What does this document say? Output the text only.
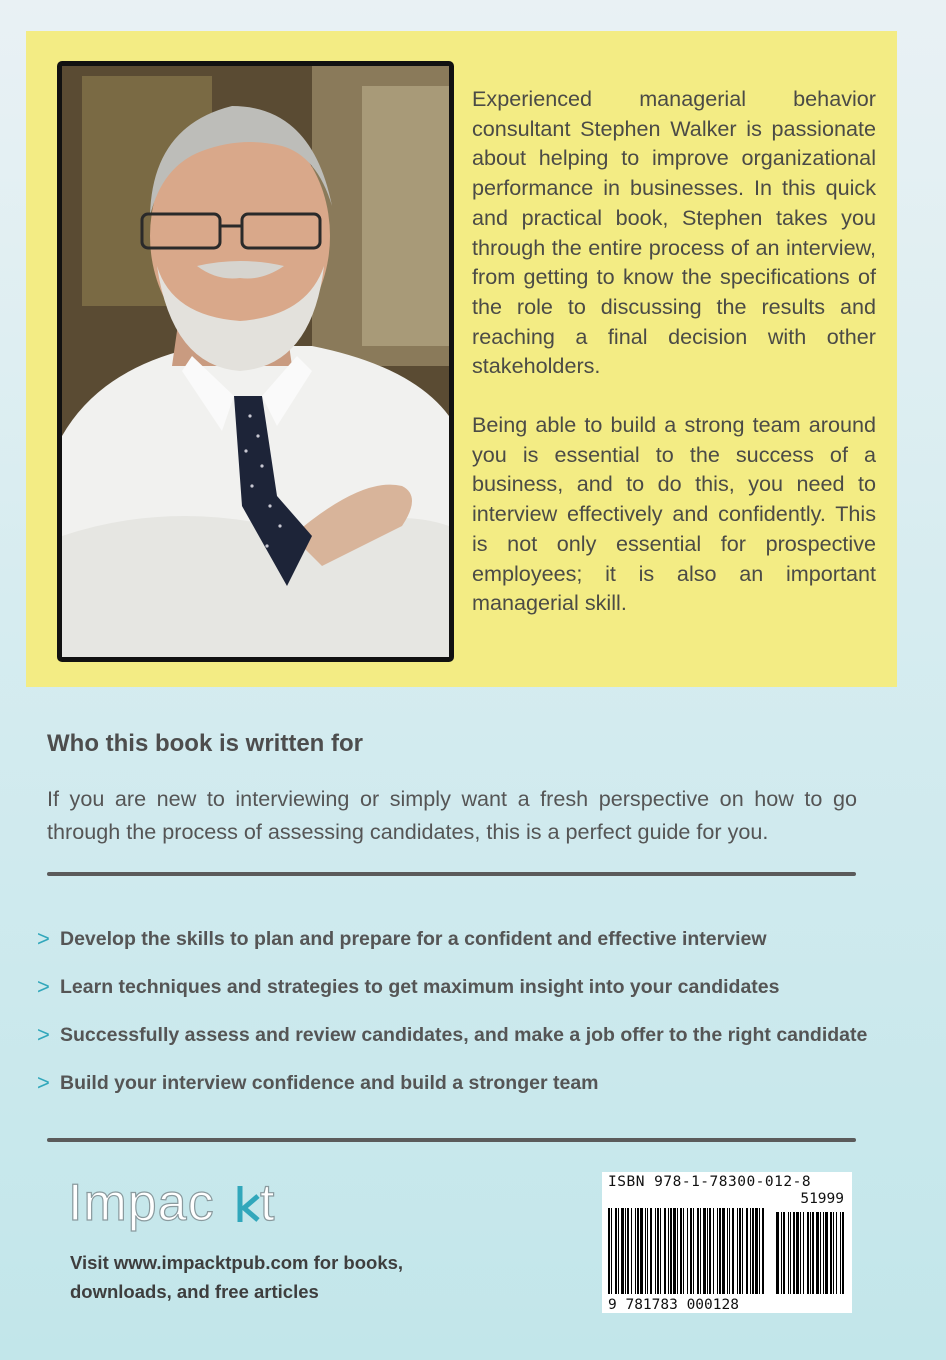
Experienced managerial behavior consultant Stephen Walker is passionate about helping to improve organizational performance in businesses. In this quick and practical book, Stephen takes you through the entire process of an interview, from getting to know the specifications of the role to discussing the results and reaching a final decision with other stakeholders.

Being able to build a strong team around you is essential to the success of a business, and to do this, you need to interview effectively and confidently. This is not only essential for prospective employees; it is also an important managerial skill.

Who this book is written for

If you are new to interviewing or simply want a fresh perspective on how to go through the process of assessing candidates, this is a perfect guide for you.

> Develop the skills to plan and prepare for a confident and effective interview
> Learn techniques and strategies to get maximum insight into your candidates
> Successfully assess and review candidates, and make a job offer to the right candidate
> Build your interview confidence and build a stronger team
Impac t
Visit www.impacktpub.com for books,
downloads, and free articles
ISBN 978-1-78300-012-8
51999
9 781783 000128
